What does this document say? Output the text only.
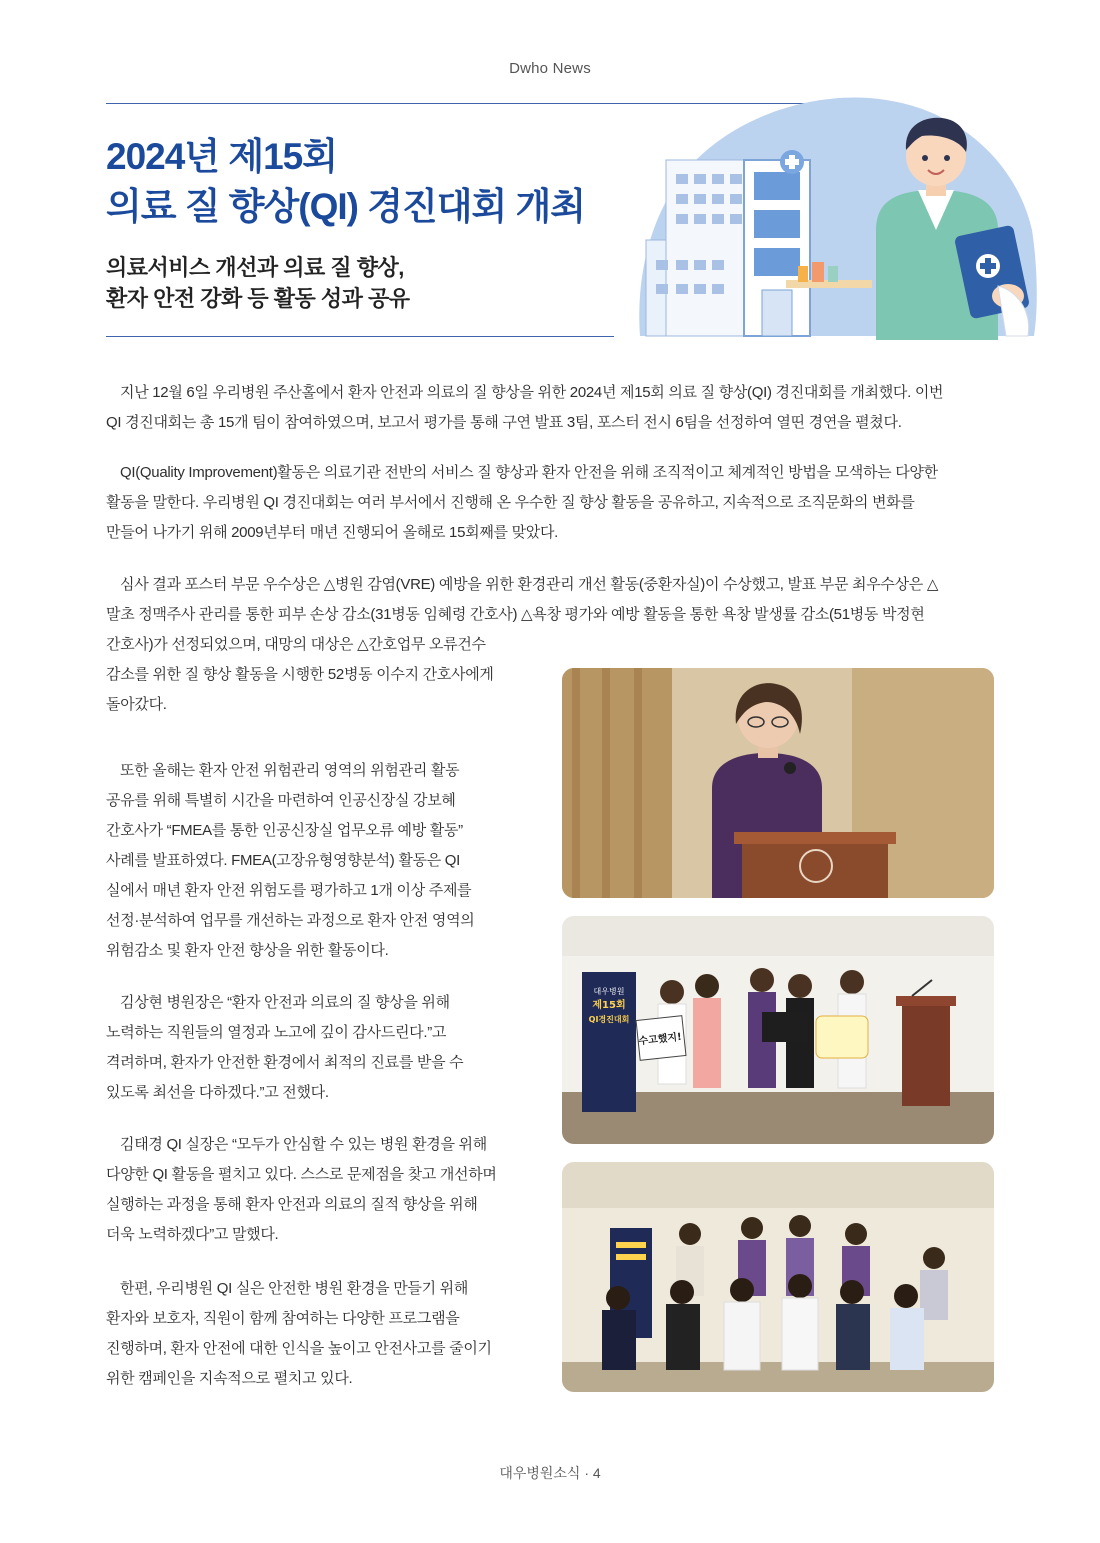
Dwho News
2024년 제15회
의료 질 향상(QI) 경진대회 개최
의료서비스 개선과 의료 질 향상,
환자 안전 강화 등 활동 성과 공유
지난 12월 6일 우리병원 주산홀에서 환자 안전과 의료의 질 향상을 위한 2024년 제15회 의료 질 향상(QI) 경진대회를 개최했다. 이번
QI 경진대회는 총 15개 팀이 참여하였으며, 보고서 평가를 통해 구연 발표 3팀, 포스터 전시 6팀을 선정하여 열띤 경연을 펼쳤다.
QI(Quality Improvement)활동은 의료기관 전반의 서비스 질 향상과 환자 안전을 위해 조직적이고 체계적인 방법을 모색하는 다양한
활동을 말한다. 우리병원 QI 경진대회는 여러 부서에서 진행해 온 우수한 질 향상 활동을 공유하고, 지속적으로 조직문화의 변화를
만들어 나가기 위해 2009년부터 매년 진행되어 올해로 15회째를 맞았다.
심사 결과 포스터 부문 우수상은 △병원 감염(VRE) 예방을 위한 환경관리 개선 활동(중환자실)이 수상했고, 발표 부문 최우수상은 △
말초 정맥주사 관리를 통한 피부 손상 감소(31병동 임혜령 간호사) △욕창 평가와 예방 활동을 통한 욕창 발생률 감소(51병동 박정현
간호사)가 선정되었으며, 대망의 대상은 △간호업무 오류건수
감소를 위한 질 향상 활동을 시행한 52병동 이수지 간호사에게
돌아갔다.
또한 올해는 환자 안전 위험관리 영역의 위험관리 활동
공유를 위해 특별히 시간을 마련하여 인공신장실 강보혜
간호사가 “FMEA를 통한 인공신장실 업무오류 예방 활동”
사례를 발표하였다. FMEA(고장유형영향분석) 활동은 QI
실에서 매년 환자 안전 위험도를 평가하고 1개 이상 주제를
선정·분석하여 업무를 개선하는 과정으로 환자 안전 영역의
위험감소 및 환자 안전 향상을 위한 활동이다.
김상현 병원장은 “환자 안전과 의료의 질 향상을 위해
노력하는 직원들의 열정과 노고에 깊이 감사드린다.”고
격려하며, 환자가 안전한 환경에서 최적의 진료를 받을 수
있도록 최선을 다하겠다.”고 전했다.
김태경 QI 실장은 “모두가 안심할 수 있는 병원 환경을 위해
다양한 QI 활동을 펼치고 있다. 스스로 문제점을 찾고 개선하며
실행하는 과정을 통해 환자 안전과 의료의 질적 향상을 위해
더욱 노력하겠다”고 말했다.
한편, 우리병원 QI 실은 안전한 병원 환경을 만들기 위해
환자와 보호자, 직원이 함께 참여하는 다양한 프로그램을
진행하며, 환자 안전에 대한 인식을 높이고 안전사고를 줄이기
위한 캠페인을 지속적으로 펼치고 있다.
대우병원
제15회
QI경진대회
수고했지!
대우병원소식 · 4
